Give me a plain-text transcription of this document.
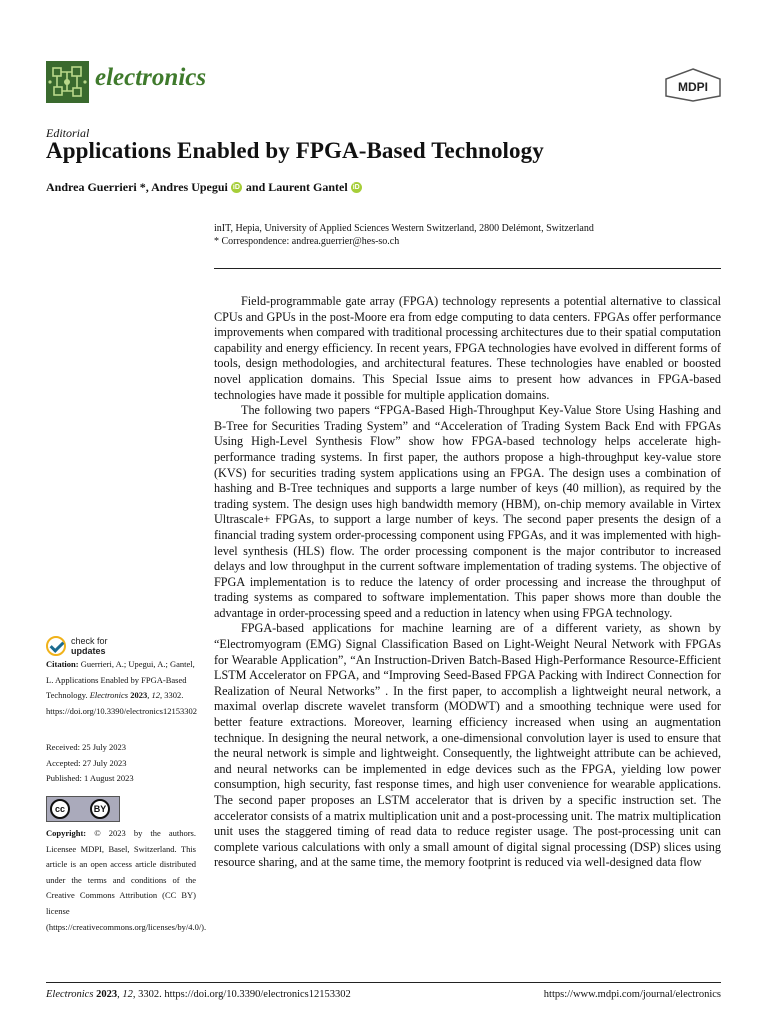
electronics	MDPI
Editorial
Applications Enabled by FPGA-Based Technology
Andrea Guerrieri *, Andres Upegui iD and Laurent Gantel iD
inIT, Hepia, University of Applied Sciences Western Switzerland, 2800 Delémont, Switzerland
* Correspondence: andrea.guerrier@hes-so.ch

Field-programmable gate array (FPGA) technology represents a potential alternative to classical CPUs and GPUs in the post-Moore era from edge computing to data centers. FPGAs offer performance improvements when compared with traditional processing architectures due to their spatial computation capability and energy efficiency. In recent years, FPGA technologies have evolved in different forms of tools, design methodologies, and architectural features. These technologies have enabled or boosted novel application domains. This Special Issue aims to present how advances in FPGA-based technologies have made it possible for multiple application domains.

The following two papers “FPGA-Based High-Throughput Key-Value Store Using Hashing and B-Tree for Securities Trading System” and “Acceleration of Trading System Back End with FPGAs Using High-Level Synthesis Flow” show how FPGA-based technology helps accelerate high-performance trading systems. In first paper, the authors propose a high-throughput key-value store (KVS) for securities trading system applications using an FPGA. The design uses a combination of hashing and B-Tree techniques and supports a large number of keys (40 million), as required by the trading system. The design uses high bandwidth memory (HBM), on-chip memory available in Virtex Ultrascale+ FPGAs, to support a large number of keys. The second paper presents the design of a financial trading system order-processing component using FPGAs, and it was implemented with high-level synthesis (HLS) flow. The order processing component is the major contributor to increased delays and low throughput in the current software implementation of trading systems. The objective of FPGA implementation is to reduce the latency of order processing and increase the throughput of trading systems as compared to software implementation. This paper shows more than double the advantage in order-processing speed and a reduction in latency when using FPGA technology.

FPGA-based applications for machine learning are of a different variety, as shown by “Electromyogram (EMG) Signal Classification Based on Light-Weight Neural Network with FPGAs for Wearable Application”, “An Instruction-Driven Batch-Based High-Performance Resource-Efficient LSTM Accelerator on FPGA, and “Improving Seed-Based FPGA Packing with Indirect Connection for Realization of Neural Networks” . In the first paper, to accomplish a lightweight neural network, a maximal overlap discrete wavelet transform (MODWT) and a smoothing technique were used for better feature extractions. Moreover, learning efficiency increased when using an augmentation technique. In designing the neural network, a one-dimensional convolution layer is used to ensure that the neural network is simple and lightweight. Consequently, the lightweight attribute can be achieved, and neural networks can be implemented in edge devices such as the FPGA, yielding low power consumption, high security, fast response times, and high user convenience for wearable applications. The second paper proposes an LSTM accelerator that is driven by a specific instruction set. The accelerator consists of a matrix multiplication unit and a post-processing unit. The matrix multiplication unit uses the staggered timing of read data to reduce register usage. The post-processing unit can complete various calculations with only a small amount of digital signal processing (DSP) slices using resource sharing, and at the same time, the memory footprint is reduced via well-designed data flow

check for
updates
Citation: Guerrieri, A.; Upegui, A.; Gantel, L. Applications Enabled by FPGA-Based Technology. Electronics 2023, 12, 3302. https://doi.org/10.3390/electronics12153302
Received: 25 July 2023
Accepted: 27 July 2023
Published: 1 August 2023
cc	BY
Copyright: © 2023 by the authors. Licensee MDPI, Basel, Switzerland. This article is an open access article distributed under the terms and conditions of the Creative Commons Attribution (CC BY) license (https://creativecommons.org/licenses/by/4.0/).
Electronics 2023, 12, 3302. https://doi.org/10.3390/electronics12153302	https://www.mdpi.com/journal/electronics
